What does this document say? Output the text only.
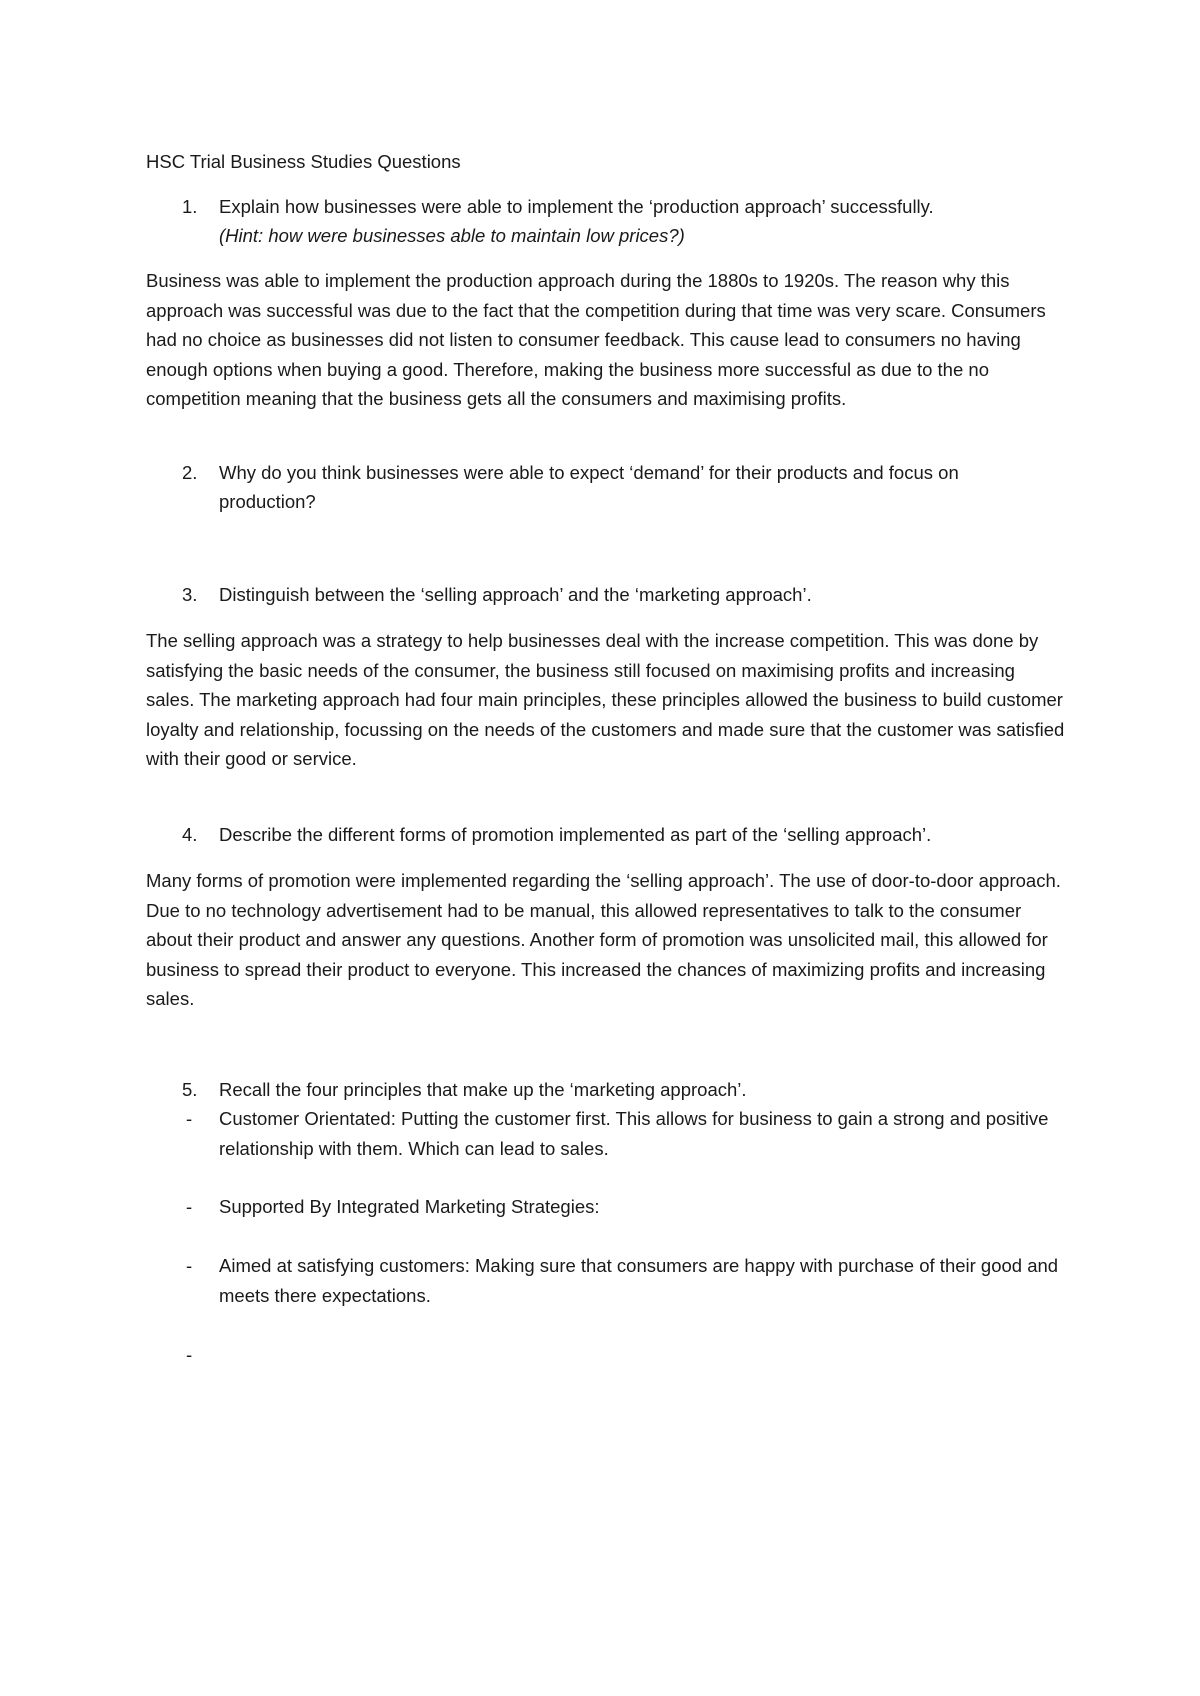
HSC Trial Business Studies Questions
1. Explain how businesses were able to implement the ‘production approach’ successfully.
(Hint: how were businesses able to maintain low prices?)
Business was able to implement the production approach during the 1880s to 1920s. The reason why this approach was successful was due to the fact that the competition during that time was very scare. Consumers had no choice as businesses did not listen to consumer feedback. This cause lead to consumers no having enough options when buying a good. Therefore, making the business more successful as due to the no competition meaning that the business gets all the consumers and maximising profits.
2. Why do you think businesses were able to expect ‘demand’ for their products and focus on production?
3. Distinguish between the ‘selling approach’ and the ‘marketing approach’.
The selling approach was a strategy to help businesses deal with the increase competition. This was done by satisfying the basic needs of the consumer, the business still focused on maximising profits and increasing sales. The marketing approach had four main principles, these principles allowed the business to build customer loyalty and relationship, focussing on the needs of the customers and made sure that the customer was satisfied with their good or service.
4. Describe the different forms of promotion implemented as part of the ‘selling approach’.
Many forms of promotion were implemented regarding the ‘selling approach’. The use of door-to-door approach. Due to no technology advertisement had to be manual, this allowed representatives to talk to the consumer about their product and answer any questions. Another form of promotion was unsolicited mail, this allowed for business to spread their product to everyone. This increased the chances of maximizing profits and increasing sales.
5. Recall the four principles that make up the ‘marketing approach’.
- Customer Orientated: Putting the customer first. This allows for business to gain a strong and positive relationship with them. Which can lead to sales.
- Supported By Integrated Marketing Strategies:
- Aimed at satisfying customers: Making sure that consumers are happy with purchase of their good and meets there expectations.
-
